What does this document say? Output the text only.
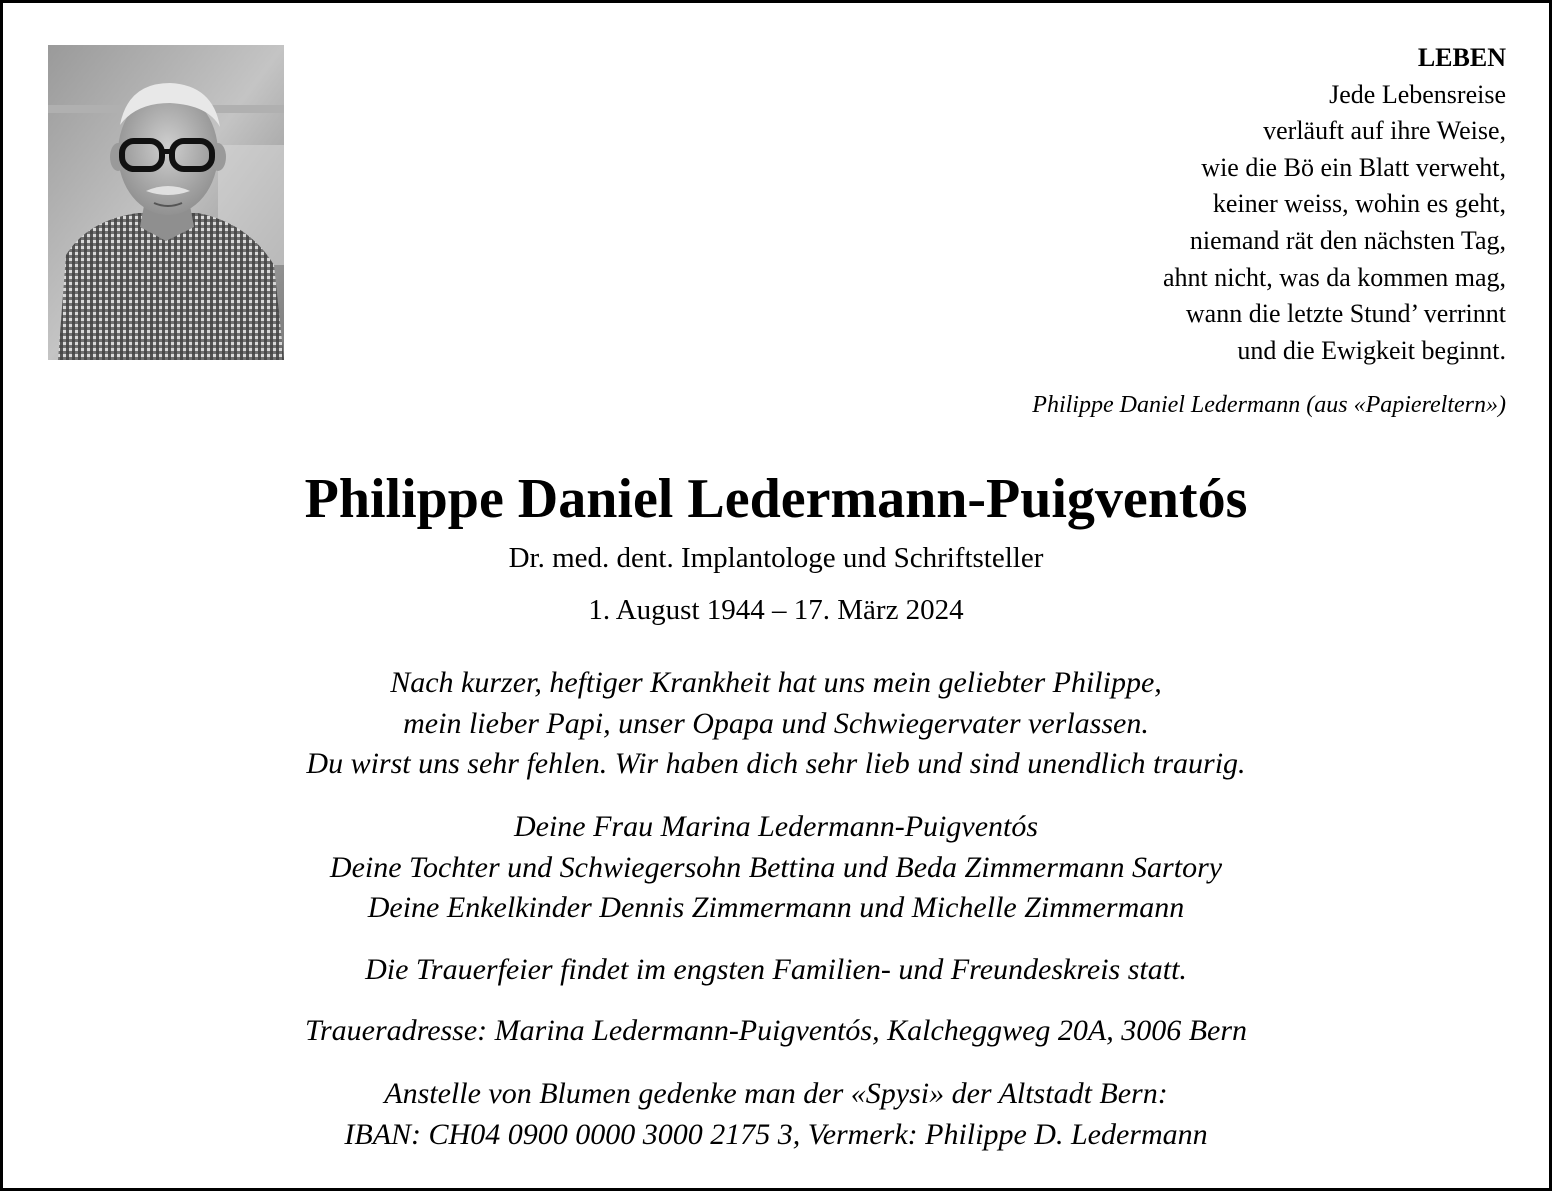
LEBEN
Jede Lebensreise
verläuft auf ihre Weise,
wie die Bö ein Blatt verweht,
keiner weiss, wohin es geht,
niemand rät den nächsten Tag,
ahnt nicht, was da kommen mag,
wann die letzte Stund’ verrinnt
und die Ewigkeit beginnt.
Philippe Daniel Ledermann (aus «Papiereltern»)
Philippe Daniel Ledermann-Puigventós
Dr. med. dent. Implantologe und Schriftsteller
1. August 1944 – 17. März 2024
Nach kurzer, heftiger Krankheit hat uns mein geliebter Philippe,
mein lieber Papi, unser Opapa und Schwiegervater verlassen.
Du wirst uns sehr fehlen. Wir haben dich sehr lieb und sind unendlich traurig.
Deine Frau Marina Ledermann-Puigventós
Deine Tochter und Schwiegersohn Bettina und Beda Zimmermann Sartory
Deine Enkelkinder Dennis Zimmermann und Michelle Zimmermann
Die Trauerfeier findet im engsten Familien- und Freundeskreis statt.
Traueradresse: Marina Ledermann-Puigventós, Kalcheggweg 20A, 3006 Bern
Anstelle von Blumen gedenke man der «Spysi» der Altstadt Bern:
IBAN: CH04 0900 0000 3000 2175 3, Vermerk: Philippe D. Ledermann
